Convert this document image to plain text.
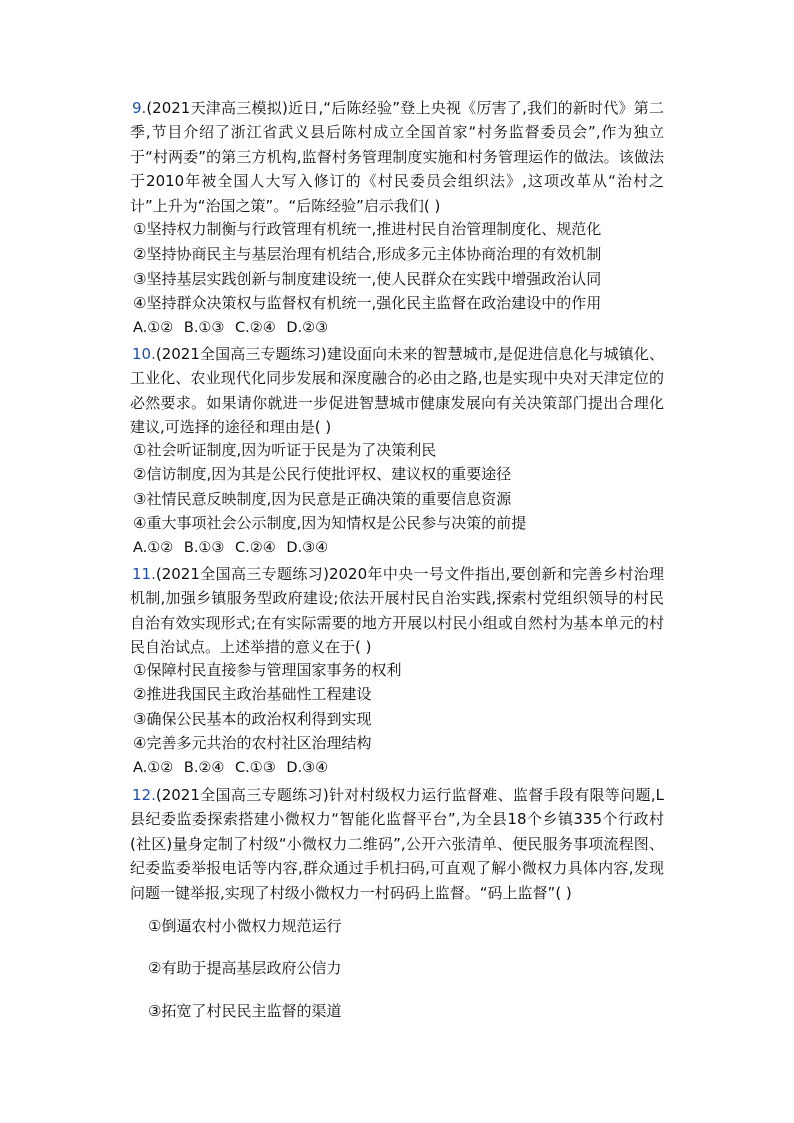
9.(2021天津高三模拟)近日,“后陈经验”登上央视《厉害了,我们的新时代》第二季,节目介绍了浙江省武义县后陈村成立全国首家“村务监督委员会”,作为独立于“村两委”的第三方机构,监督村务管理制度实施和村务管理运作的做法。该做法于2010年被全国人大写入修订的《村民委员会组织法》,这项改革从“治村之计”上升为“治国之策”。“后陈经验”启示我们( )

①坚持权力制衡与行政管理有机统一,推进村民自治管理制度化、规范化
②坚持协商民主与基层治理有机结合,形成多元主体协商治理的有效机制
③坚持基层实践创新与制度建设统一,使人民群众在实践中增强政治认同
④坚持群众决策权与监督权有机统一,强化民主监督在政治建设中的作用
A.①② B.①③ C.②④ D.②③

10.(2021全国高三专题练习)建设面向未来的智慧城市,是促进信息化与城镇化、工业化、农业现代化同步发展和深度融合的必由之路,也是实现中央对天津定位的必然要求。如果请你就进一步促进智慧城市健康发展向有关决策部门提出合理化建议,可选择的途径和理由是( )

①社会听证制度,因为听证于民是为了决策利民
②信访制度,因为其是公民行使批评权、建议权的重要途径
③社情民意反映制度,因为民意是正确决策的重要信息资源
④重大事项社会公示制度,因为知情权是公民参与决策的前提
A.①② B.①③ C.②④ D.③④

11.(2021全国高三专题练习)2020年中央一号文件指出,要创新和完善乡村治理机制,加强乡镇服务型政府建设;依法开展村民自治实践,探索村党组织领导的村民自治有效实现形式;在有实际需要的地方开展以村民小组或自然村为基本单元的村民自治试点。上述举措的意义在于( )

①保障村民直接参与管理国家事务的权利
②推进我国民主政治基础性工程建设
③确保公民基本的政治权利得到实现
④完善多元共治的农村社区治理结构
A.①② B.②④ C.①③ D.③④

12.(2021全国高三专题练习)针对村级权力运行监督难、监督手段有限等问题,L县纪委监委探索搭建小微权力“智能化监督平台”,为全县18个乡镇335个行政村(社区)量身定制了村级“小微权力二维码”,公开六张清单、便民服务事项流程图、纪委监委举报电话等内容,群众通过手机扫码,可直观了解小微权力具体内容,发现问题一键举报,实现了村级小微权力一村码码上监督。“码上监督”( )

①倒逼农村小微权力规范运行
②有助于提高基层政府公信力
③拓宽了村民民主监督的渠道
